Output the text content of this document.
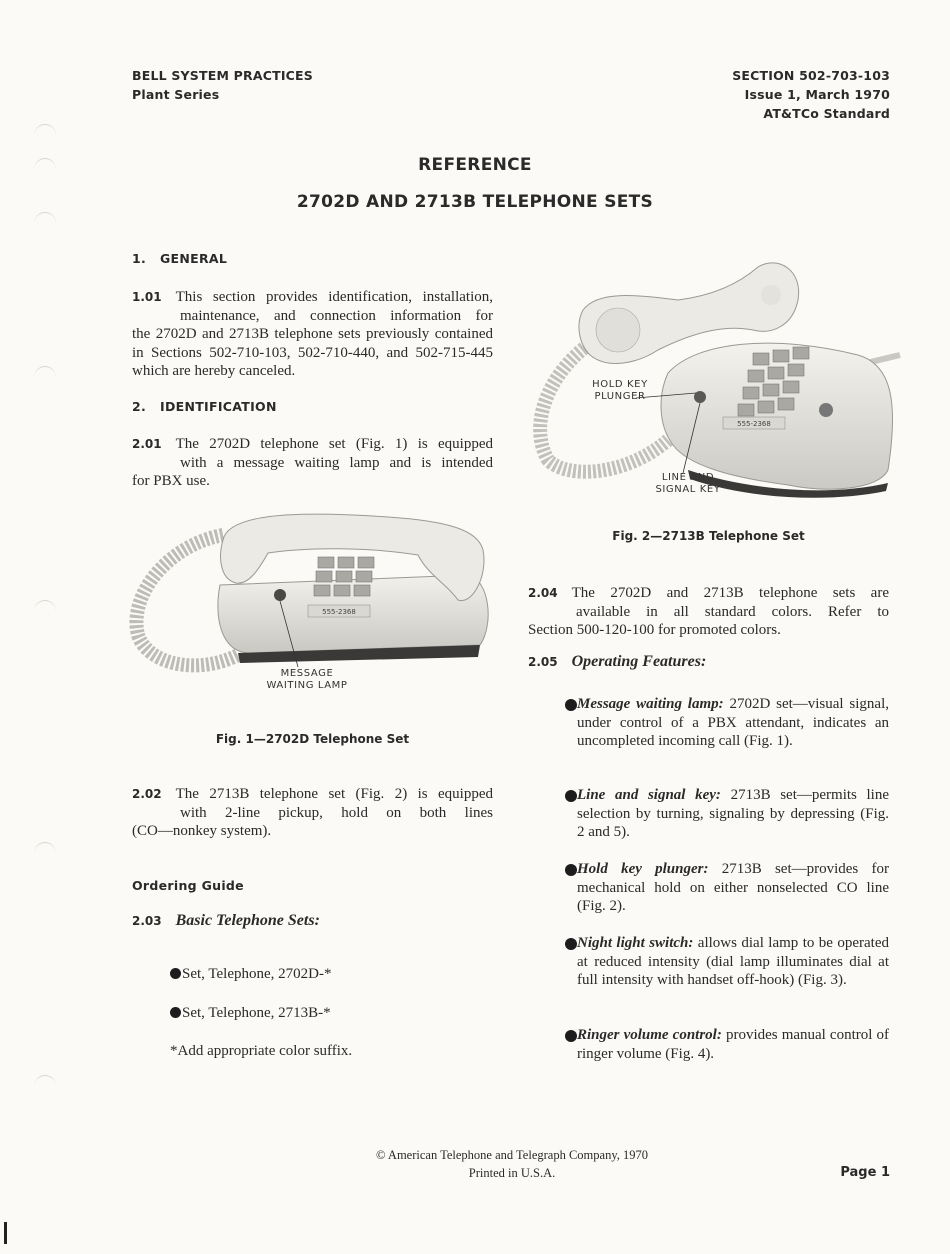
BELL SYSTEM PRACTICES
Plant Series
SECTION 502-703-103
Issue 1, March 1970
AT&TCo Standard
REFERENCE
2702D AND 2713B TELEPHONE SETS
1.   GENERAL
1.01 This section provides identification, installation,
maintenance, and connection information for
the 2702D and 2713B telephone sets previously contained in Sections 502-710-103, 502-710-440, and 502-715-445 which are hereby canceled.
2.   IDENTIFICATION
2.01 The 2702D telephone set (Fig. 1) is equipped
with a message waiting lamp and is intended
for PBX use.
555-2368
MESSAGE
WAITING LAMP
Fig. 1—2702D Telephone Set
2.02 The 2713B telephone set (Fig. 2) is equipped
with 2-line pickup, hold on both lines
(CO—nonkey system).
Ordering Guide
2.03 Basic Telephone Sets:
Set, Telephone, 2702D-*
Set, Telephone, 2713B-*
*Add appropriate color suffix.
555-2368
HOLD KEY
PLUNGER
LINE AND
SIGNAL KEY
Fig. 2—2713B Telephone Set
2.04 The 2702D and 2713B telephone sets are
available in all standard colors. Refer to
Section 500-120-100 for promoted colors.
2.05 Operating Features:
Message waiting lamp: 2702D set—visual signal, under control of a PBX attendant, indicates an uncompleted incoming call (Fig. 1).
Line and signal key: 2713B set—permits line selection by turning, signaling by depressing (Fig. 2 and 5).
Hold key plunger: 2713B set—provides for mechanical hold on either nonselected CO line (Fig. 2).
Night light switch: allows dial lamp to be operated at reduced intensity (dial lamp illuminates dial at full intensity with handset off-hook) (Fig. 3).
Ringer volume control: provides manual control of ringer volume (Fig. 4).
© American Telephone and Telegraph Company, 1970
Printed in U.S.A.	Page 1
